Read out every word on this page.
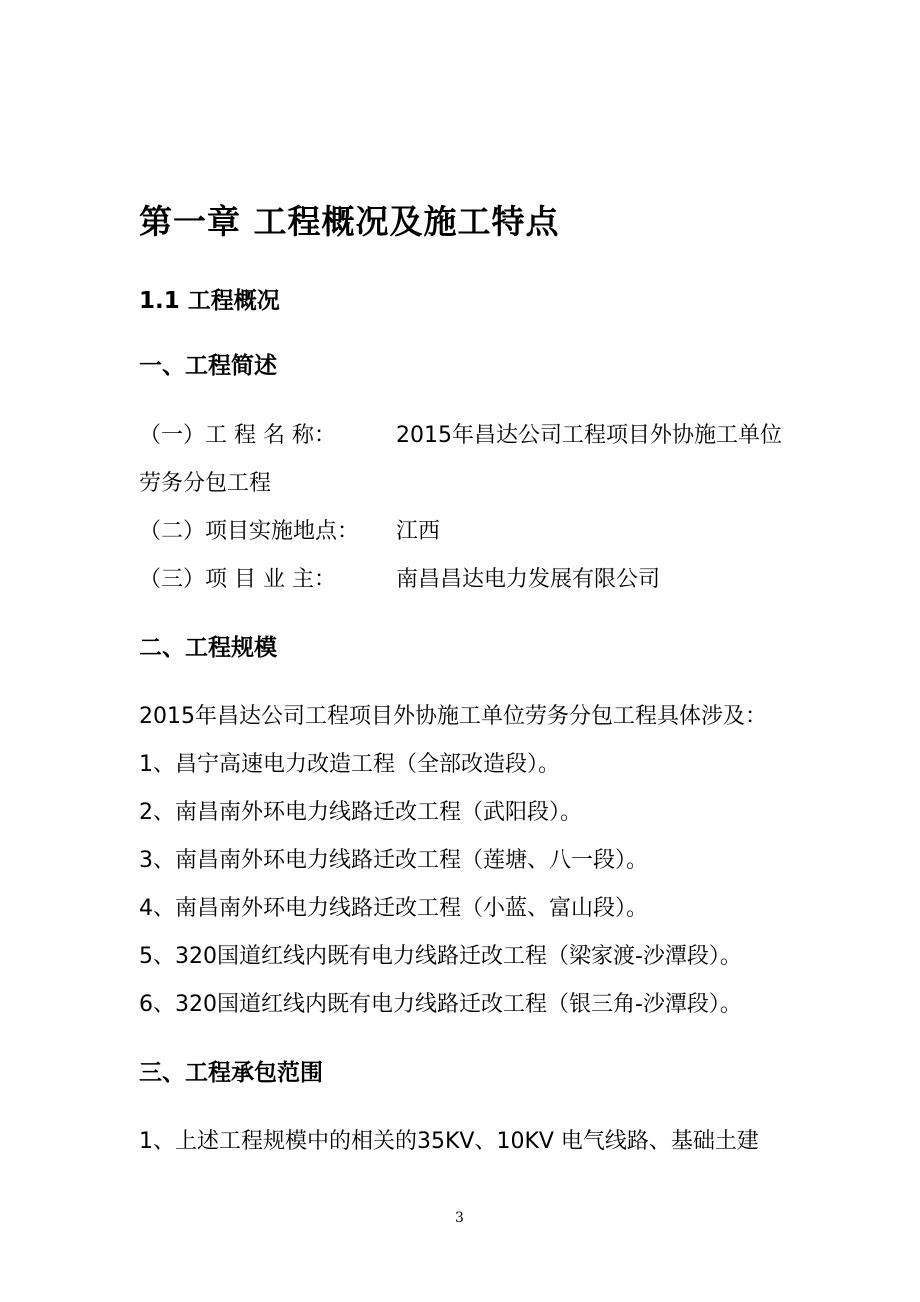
第一章 工程概况及施工特点
1.1 工程概况
一、工程简述
（一）工 程 名 称：	2015年昌达公司工程项目外协施工单位
劳务分包工程
（二）项目实施地点： 江西
（三）项 目 业 主：	南昌昌达电力发展有限公司
二、工程规模
2015年昌达公司工程项目外协施工单位劳务分包工程具体涉及：
1、昌宁高速电力改造工程（全部改造段）。
2、南昌南外环电力线路迁改工程（武阳段）。
3、南昌南外环电力线路迁改工程（莲塘、八一段）。
4、南昌南外环电力线路迁改工程（小蓝、富山段）。
5、320国道红线内既有电力线路迁改工程（梁家渡-沙潭段）。
6、320国道红线内既有电力线路迁改工程（银三角-沙潭段）。
三、工程承包范围
1、上述工程规模中的相关的35KV、10KV 电气线路、基础土建
3
